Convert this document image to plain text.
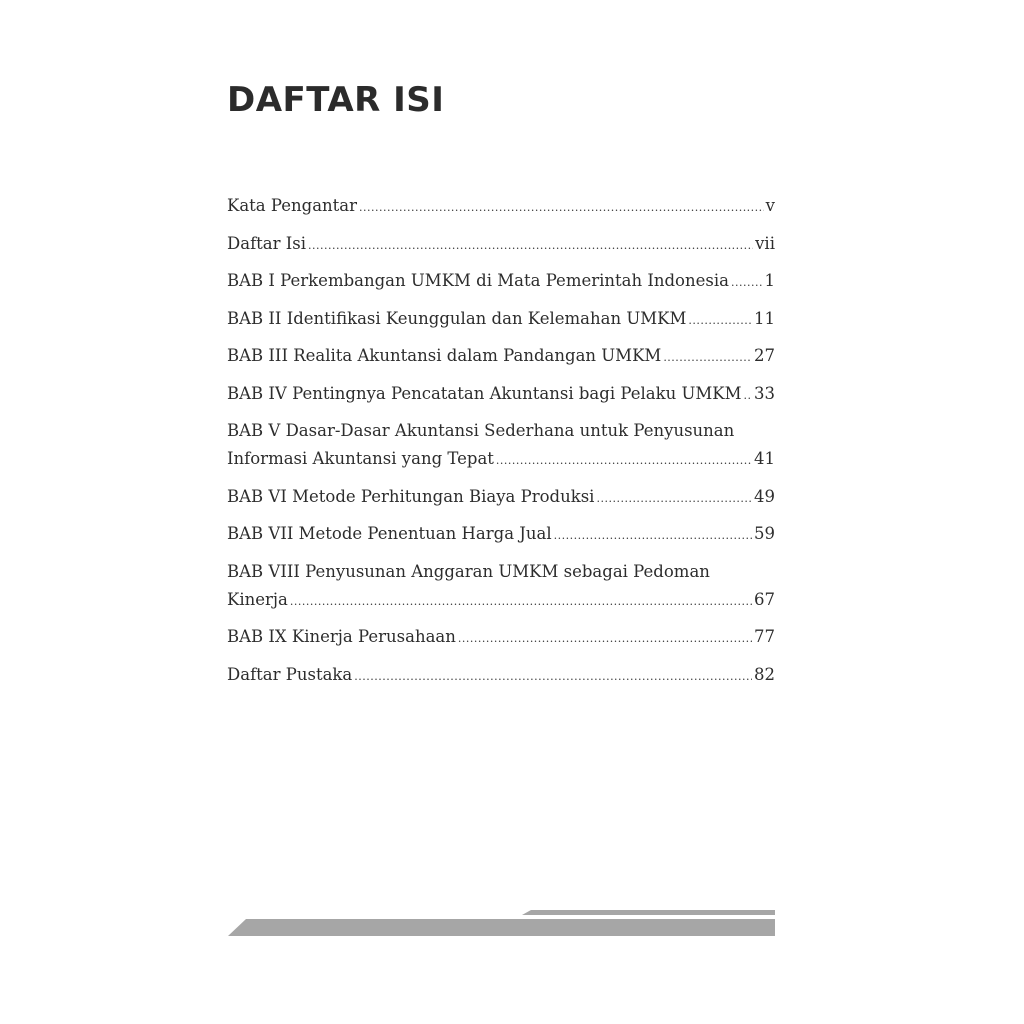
DAFTAR ISI

Kata Pengantar .....	v

Daftar Isi .....	vii

BAB I Perkembangan UMKM di Mata Pemerintah Indonesia ..... 1

BAB II Identifikasi Keunggulan dan Kelemahan UMKM .....	11

BAB III Realita Akuntansi dalam Pandangan UMKM .....	27

BAB IV Pentingnya Pencatatan Akuntansi bagi Pelaku UMKM ..... 33

BAB V Dasar-Dasar Akuntansi Sederhana untuk Penyusunan
Informasi Akuntansi yang Tepat .....	41

BAB VI Metode Perhitungan Biaya Produksi .....	49

BAB VII Metode Penentuan Harga Jual .....	59

BAB VIII Penyusunan Anggaran UMKM sebagai Pedoman
Kinerja .....	67

BAB IX Kinerja Perusahaan .....	77

Daftar Pustaka .....	82
